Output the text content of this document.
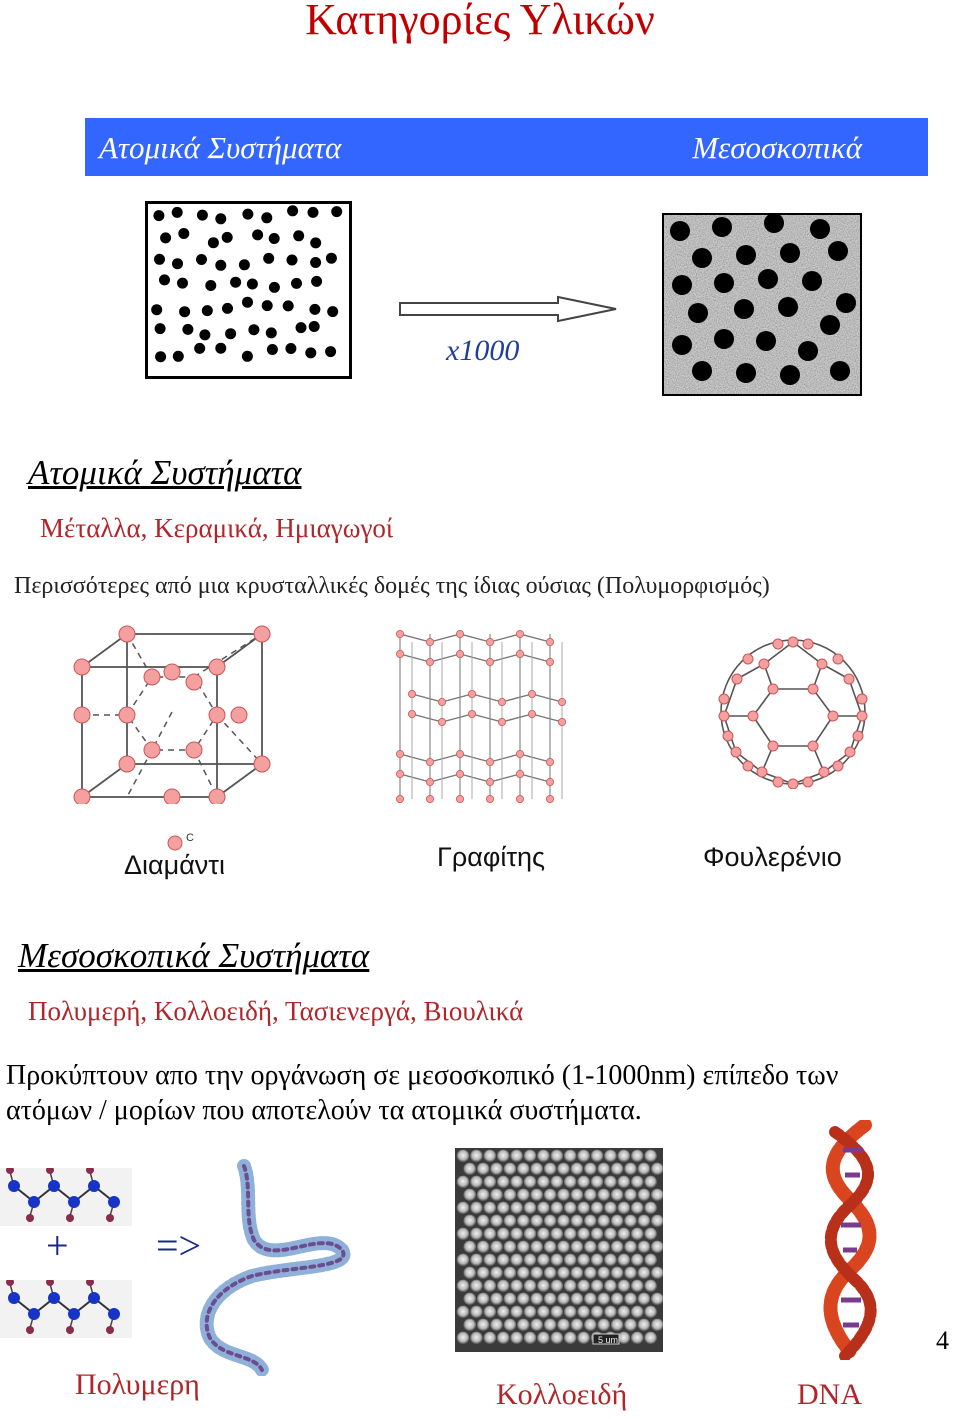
Κατηγορίες Υλικών
Ατομικά Συστήματα	Μεσοσκοπικά
x1000
Ατομικά Συστήματα
Μέταλλα, Κεραμικά, Ημιαγωγοί
Περισσότερες από μια κρυσταλλικές δομές της ίδιας ούσιας (Πολυμορφισμός)
C
Διαμάντι	Γραφίτης	Φουλερένιο
Μεσοσκοπικά Συστήματα
Πολυμερή, Κολλοειδή, Τασιενεργά, Βιουλικά
Προκύπτουν απο την οργάνωση σε μεσοσκοπικό (1-1000nm) επίπεδο των
ατόμων / μορίων που αποτελούν τα ατομικά συστήματα.
+ =>
5 um
Πολυμερη	Κολλοειδή	DNA
4
